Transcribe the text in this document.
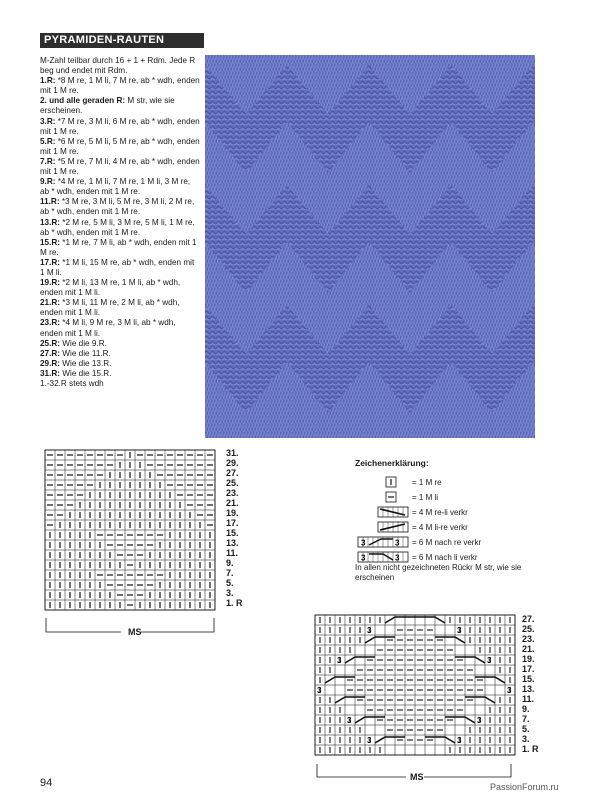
PYRAMIDEN-RAUTEN

M-Zahl teilbar durch 16 + 1 + Rdm. Jede R beg und endet mit Rdm.

1.R: *8 M re, 1 M li, 7 M re, ab * wdh, enden mit 1 M re.

2. und alle geraden R: M str, wie sie erscheinen.

3.R: *7 M re, 3 M li, 6 M re, ab * wdh, enden mit 1 M re.

5.R: *6 M re, 5 M li, 5 M re, ab * wdh, enden mit 1 M re.

7.R: *5 M re, 7 M li, 4 M re, ab * wdh, enden mit 1 M re.

9.R: *4 M re, 1 M li, 7 M re, 1 M li, 3 M re, ab * wdh, enden mit 1 M re.

11.R: *3 M re, 3 M li, 5 M re, 3 M li, 2 M re, ab * wdh, enden mit 1 M re.

13.R: *2 M re, 5 M li, 3 M re, 5 M li, 1 M re, ab * wdh, enden mit 1 M re.

15.R: *1 M re, 7 M li, ab * wdh, enden mit 1 M re.

17.R: *1 M li, 15 M re, ab * wdh, enden mit 1 M li.

19.R: *2 M li, 13 M re, 1 M li, ab * wdh, enden mit 1 M li.

21.R: *3 M li, 11 M re, 2 M li, ab * wdh, enden mit 1 M li.

23.R: *4 M li, 9 M re, 3 M li, ab * wdh, enden mit 1 M li.

25.R: Wie die 9.R.

27.R: Wie die 11.R.

29.R: Wie die 13.R.

31.R: Wie die 15.R.

1.-32.R stets wdh

31.
29.
27.
25.
23.
21.
19.
17.
15.
13.
11.
9.
7.
5.
3.
1. R
MS
Zeichenerklärung:
= 1 M re
= 1 M li
= 4 M re-li verkr
= 4 M li-re verkr
3	3 = 6 M nach re verkr
3	3 = 6 M nach li verkr
In allen nicht gezeichneten Rückr M str, wie sie erscheinen
3	3
3	3
3	3
3	3
3	3
27.
25.
23.
21.
19.
17.
15.
13.
11.
9.
7.
5.
3.
1. R
MS
94	PassionForum.ru
